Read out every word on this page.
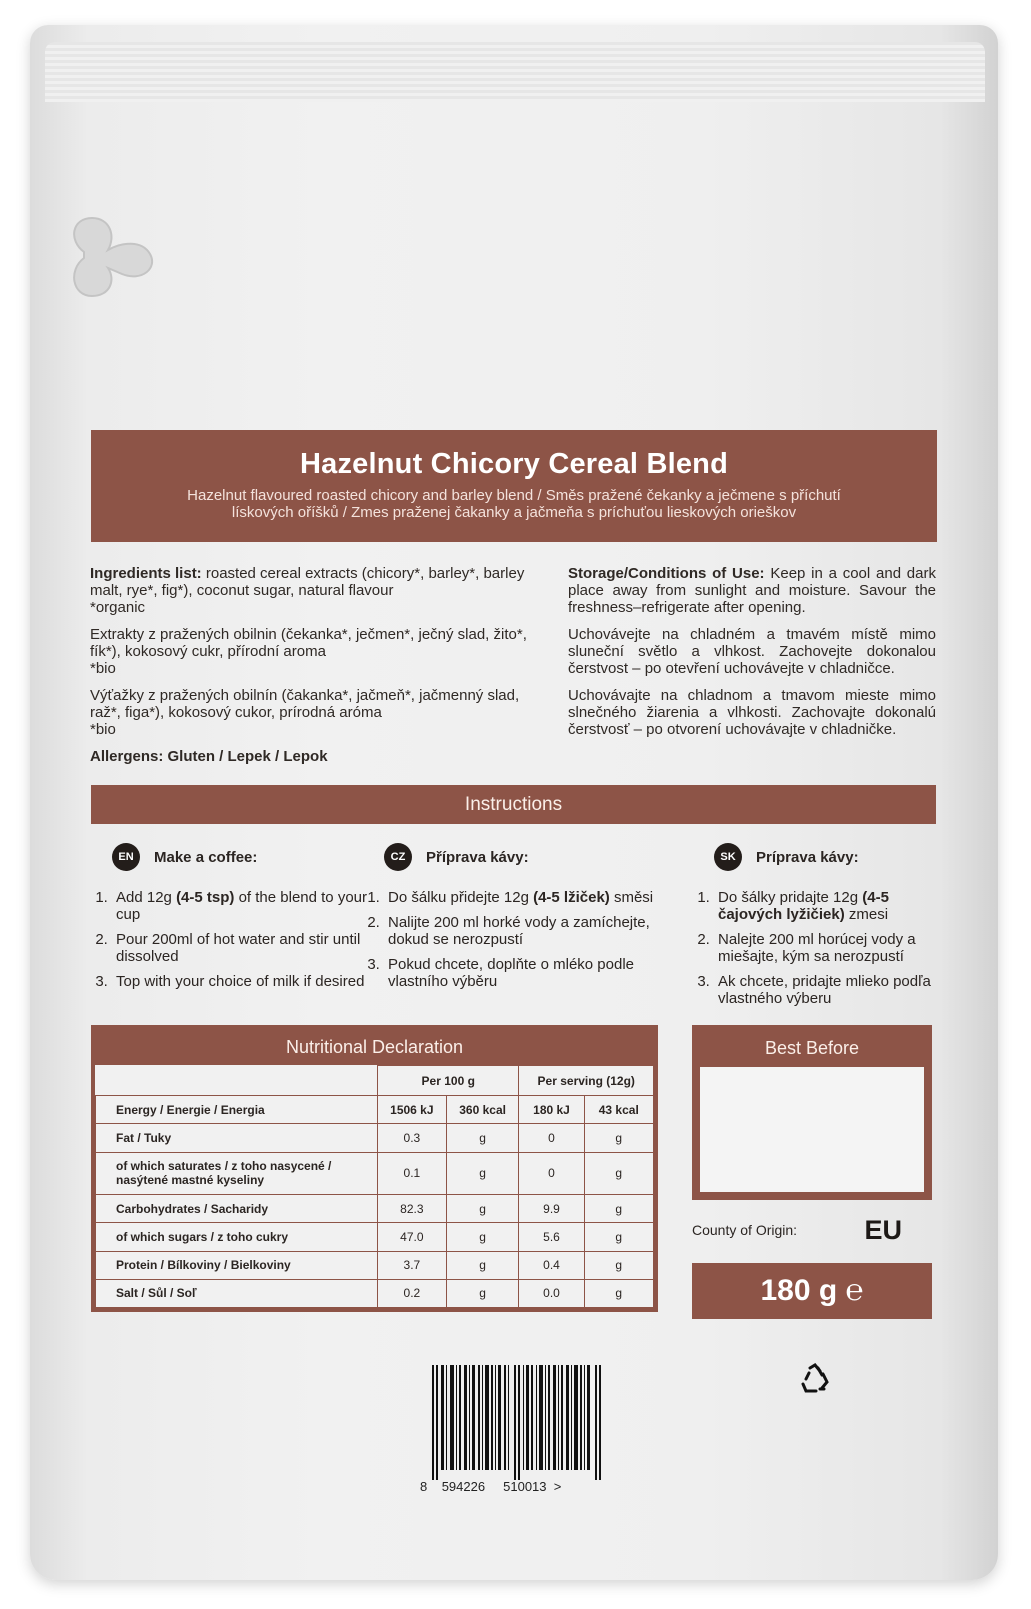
Hazelnut Chicory Cereal Blend

Hazelnut flavoured roasted chicory and barley blend / Směs pražené čekanky a ječmene s příchutí lískových oříšků / Zmes praženej čakanky a jačmeňa s príchuťou lieskových orieškov

Ingredients list: roasted cereal extracts (chicory*, barley*, barley malt, rye*, fig*), coconut sugar, natural flavour
*organic

Extrakty z pražených obilnin (čekanka*, ječmen*, ječný slad, žito*, fík*), kokosový cukr, přírodní aroma
*bio

Výťažky z pražených obilnín (čakanka*, jačmeň*, jačmenný slad, raž*, figa*), kokosový cukor, prírodná aróma
*bio

Allergens: Gluten / Lepek / Lepok

Storage/Conditions of Use: Keep in a cool and dark place away from sunlight and moisture. Savour the freshness–refrigerate after opening.

Uchovávejte na chladném a tmavém místě mimo sluneční světlo a vlhkost. Zachovejte dokonalou čerstvost – po otevření uchovávejte v chladničce.

Uchovávajte na chladnom a tmavom mieste mimo slnečného žiarenia a vlhkosti. Zachovajte dokonalú čerstvosť – po otvorení uchovávajte v chladničke.

Instructions
EN	Make a coffee:
1. Add 12g (4-5 tsp) of the blend to your cup
2. Pour 200ml of hot water and stir until dissolved
3. Top with your choice of milk if desired
CZ	Příprava kávy:
1. Do šálku přidejte 12g (4-5 lžiček) směsi
2. Nalijte 200 ml horké vody a zamíchejte, dokud se nerozpustí
3. Pokud chcete, doplňte o mléko podle vlastního výběru
SK	Príprava kávy:
1. Do šálky pridajte 12g (4-5 čajových lyžičiek) zmesi
2. Nalejte 200 ml horúcej vody a miešajte, kým sa nerozpustí
3. Ak chcete, pridajte mlieko podľa vlastného výberu
Nutritional Declaration
	Per 100 g		Per serving (12g)	
Energy / Energie / Energia	1506 kJ	360 kcal	180 kJ	43 kcal
Fat / Tuky	0.3	g	0	g
of which saturates / z toho nasycené / nasýtené mastné kyseliny	0.1	g	0	g
Carbohydrates / Sacharidy	82.3	g	9.9	g
of which sugars / z toho cukry	47.0	g	5.6	g
Protein / Bílkoviny / Bielkoviny	3.7	g	0.4	g
Salt / Sůl / Soľ	0.2	g	0.0	g
Best Before
County of Origin: EU
180 g ℮
8 594226 510013 >
